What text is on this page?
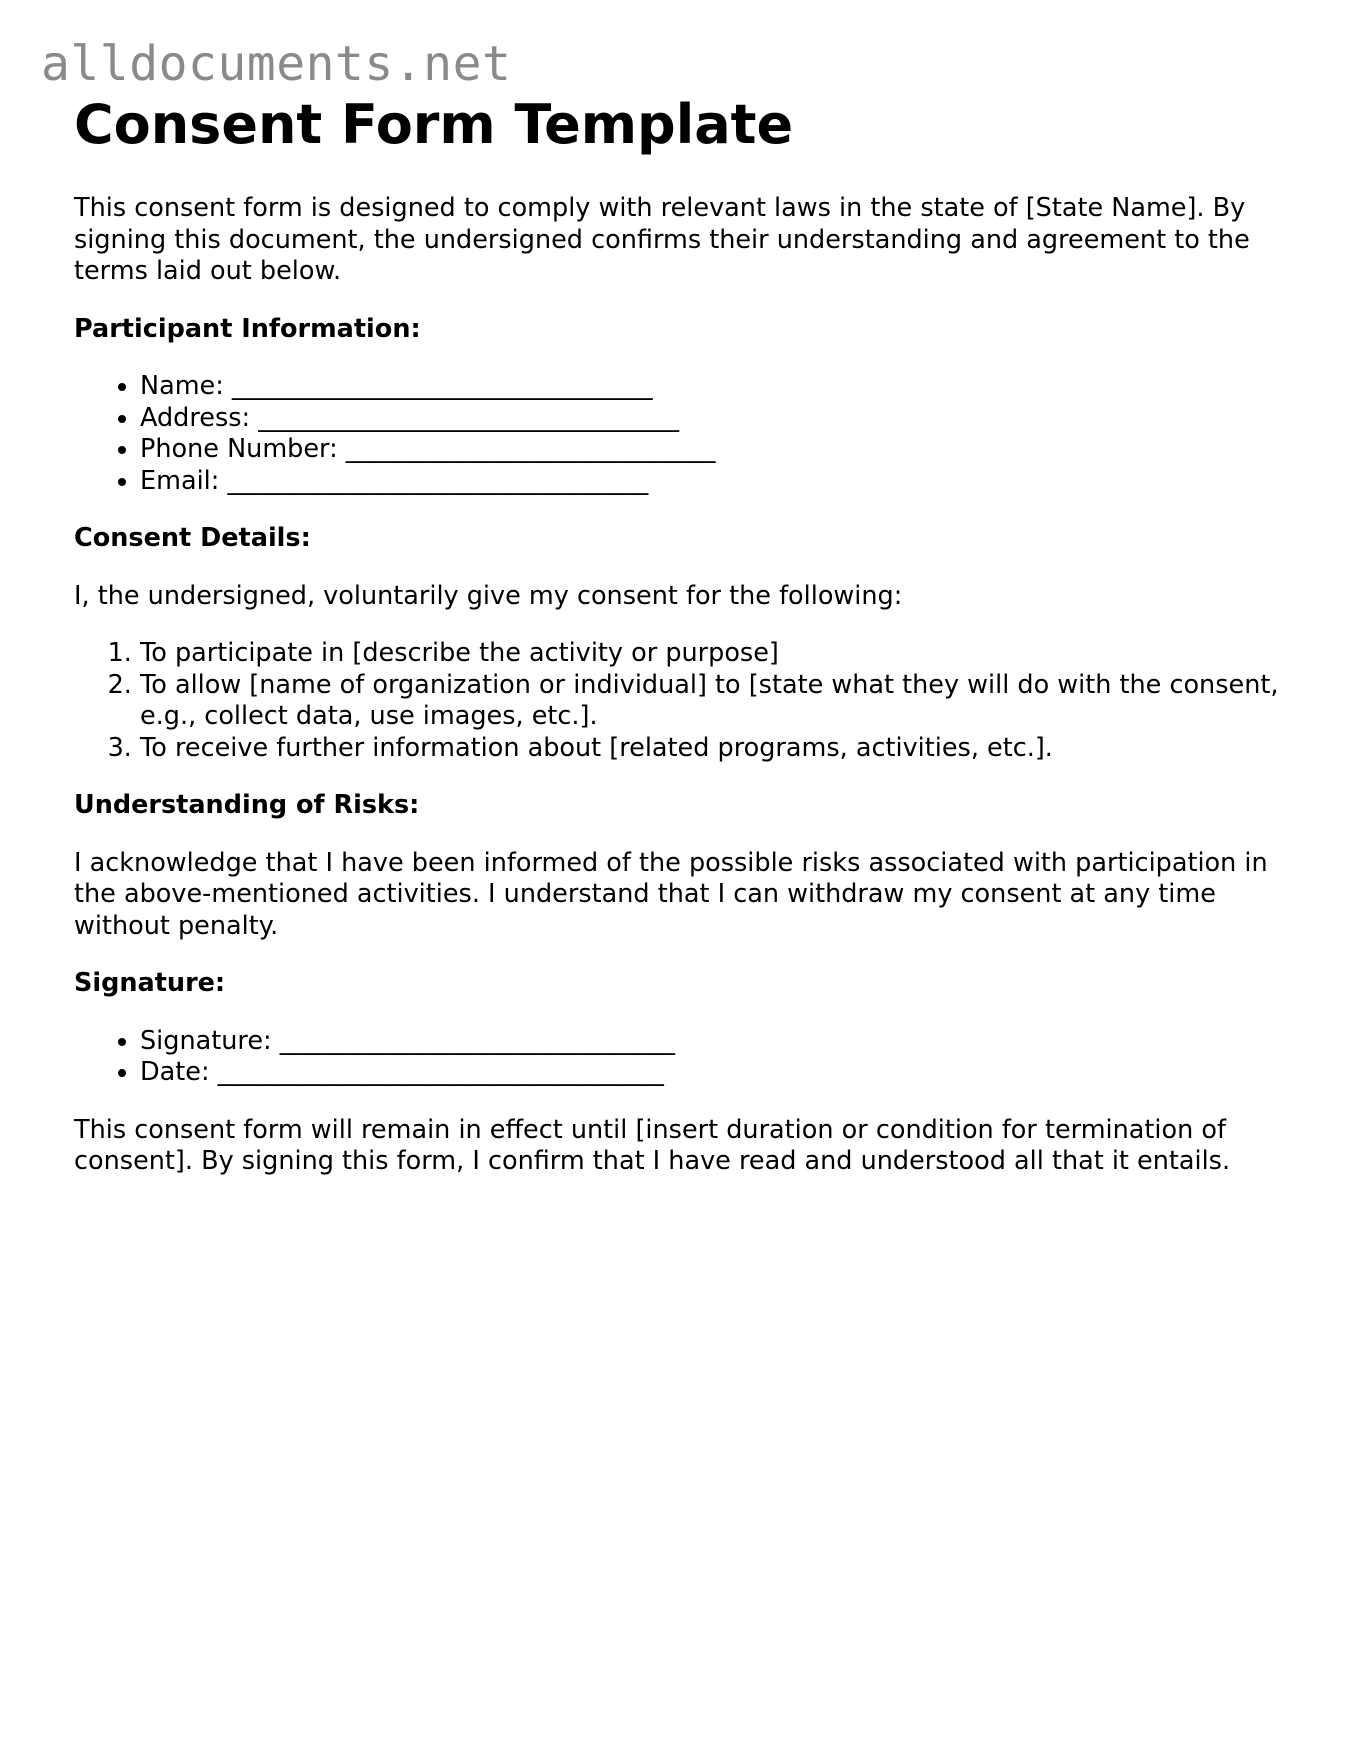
alldocuments.net
Consent Form Template

This consent form is designed to comply with relevant laws in the state of [State Name]. By signing this document, the undersigned confirms their understanding and agreement to the terms laid out below.

Participant Information:
• Name: _________________________________
• Address: _________________________________
• Phone Number: _____________________________
• Email: _________________________________
Consent Details:

I, the undersigned, voluntarily give my consent for the following:

1. To participate in [describe the activity or purpose]
2. To allow [name of organization or individual] to [state what they will do with the consent, e.g., collect data, use images, etc.].
3. To receive further information about [related programs, activities, etc.].
Understanding of Risks:

I acknowledge that I have been informed of the possible risks associated with participation in the above-mentioned activities. I understand that I can withdraw my consent at any time without penalty.

Signature:
• Signature: _______________________________
• Date: ___________________________________

This consent form will remain in effect until [insert duration or condition for termination of consent]. By signing this form, I confirm that I have read and understood all that it entails.
